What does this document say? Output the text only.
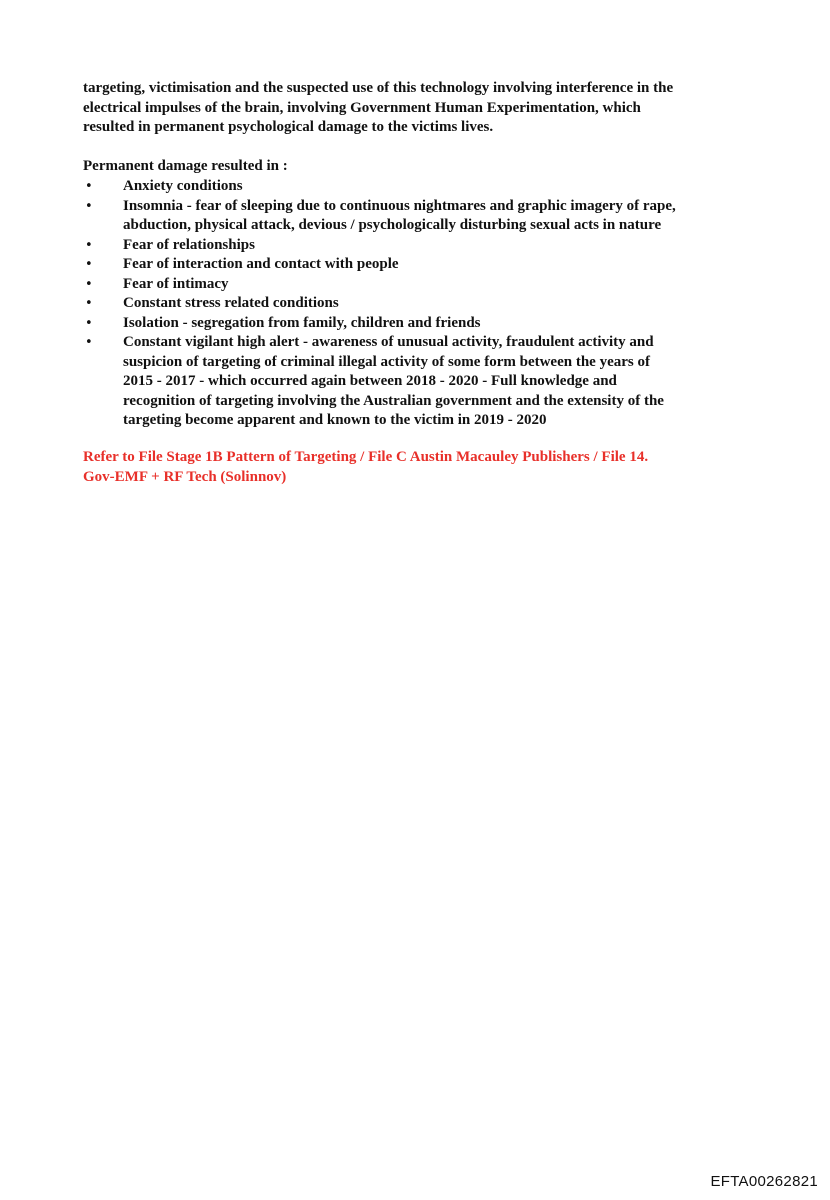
targeting, victimisation and the suspected use of this technology involving interference in the
electrical impulses of the brain, involving Government Human Experimentation, which
resulted in permanent psychological damage to the victims lives.

Permanent damage resulted in :

• Anxiety conditions
• Insomnia - fear of sleeping due to continuous nightmares and graphic imagery of rape,
abduction, physical attack, devious / psychologically disturbing sexual acts in nature
• Fear of relationships
• Fear of interaction and contact with people
• Fear of intimacy
• Constant stress related conditions
• Isolation - segregation from family, children and friends
• Constant vigilant high alert - awareness of unusual activity, fraudulent activity and
suspicion of targeting of criminal illegal activity of some form between the years of
2015 - 2017 - which occurred again between 2018 - 2020 - Full knowledge and
recognition of targeting involving the Australian government and the extensity of the
targeting become apparent and known to the victim in 2019 - 2020

Refer to File Stage 1B Pattern of Targeting / File C Austin Macauley Publishers / File 14.
Gov-EMF + RF Tech (Solinnov)

EFTA00262821
